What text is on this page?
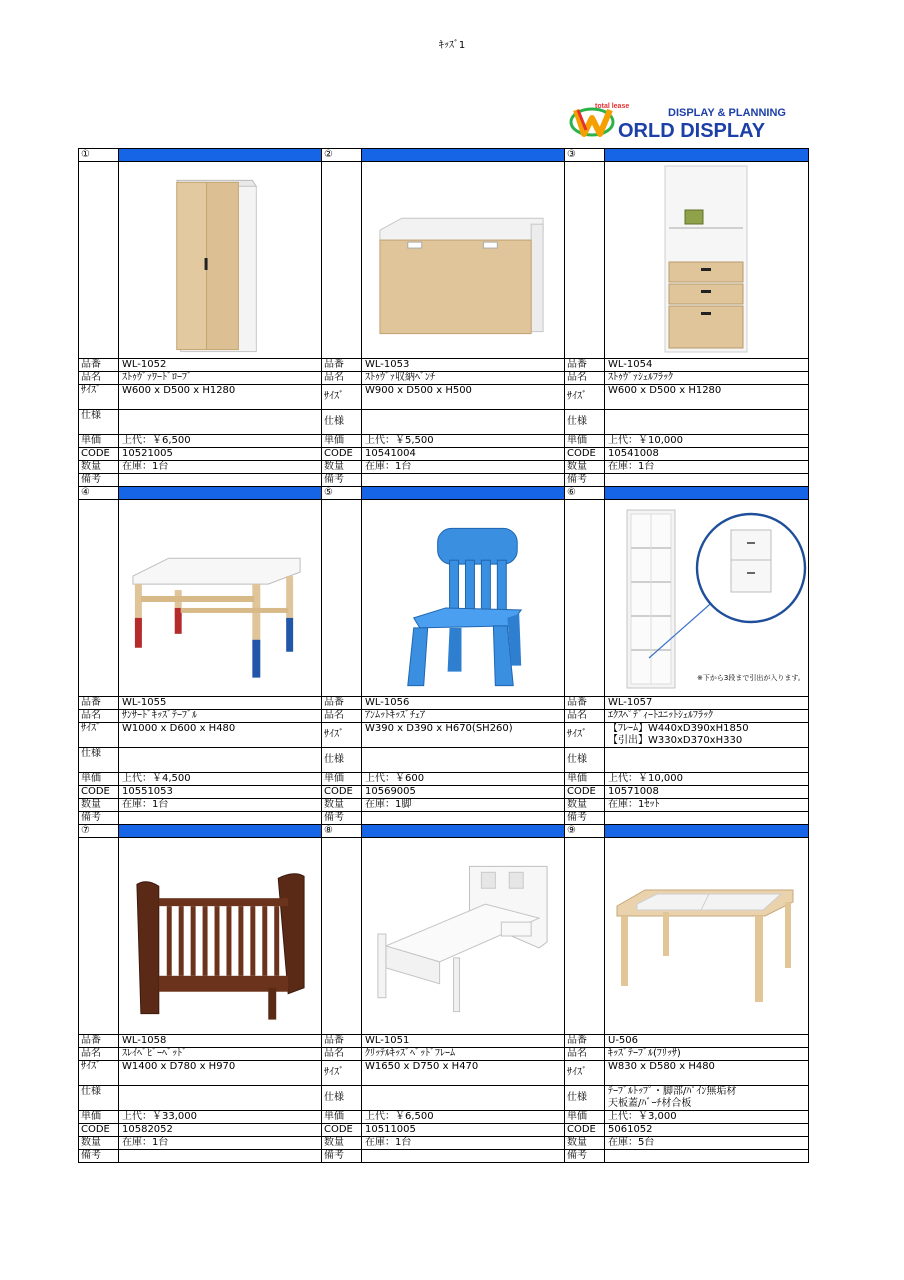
ｷｯｽﾞ1
total lease
DISPLAY & PLANNING
ORLD DISPLAY
①		②		③	

品番	WL-1052	品番	WL-1053	品番	WL-1054
品名	ｽﾄｩｳﾞｧﾜｰﾄﾞﾛｰﾌﾞ	品名	ｽﾄｩｳﾞｧ収納ﾍﾞﾝﾁ	品名	ｽﾄｩｳﾞｧｼｪﾙﾌﾗｯｸ
ｻｲｽﾞ	W600 x D500 x H1280	ｻｲｽﾞ	W900 x D500 x H500	ｻｲｽﾞ	W600 x D500 x H1280
仕様		仕様		仕様	
単価	上代：￥6,500	単価	上代：￥5,500	単価	上代：￥10,000
CODE	10521005	CODE	10541004	CODE	10541008
数量	在庫：1台	数量	在庫：1台	数量	在庫：1台
備考		備考		備考	
④		⑤		⑥	

※下から3段まで引出が入ります。

品番	WL-1055	品番	WL-1056	品番	WL-1057
品名	ｻﾝｻｰﾄﾞｷｯｽﾞﾃｰﾌﾞﾙ	品名	ｱﾝﾑｯﾄｷｯｽﾞﾁｪｱ	品名	ｴｸｽﾍﾟﾃﾞｨｰﾄﾕﾆｯﾄｼｪﾙﾌﾗｯｸ
ｻｲｽﾞ	W1000 x D600 x H480	ｻｲｽﾞ	W390 x D390 x H670(SH260)	ｻｲｽﾞ	【ﾌﾚｰﾑ】W440xD390xH1850
【引出】W330xD370xH330

仕様		仕様		仕様	
単価	上代：￥4,500	単価	上代：￥600	単価	上代：￥10,000
CODE	10551053	CODE	10569005	CODE	10571008
数量	在庫：1台	数量	在庫：1脚	数量	在庫：1ｾｯﾄ
備考		備考		備考	
⑦		⑧		⑨	

品番	WL-1058	品番	WL-1051	品番	U-506
品名	ｽﾚｲﾍﾞﾋﾞｰﾍﾞｯﾄﾞ	品名	ｸﾘｯﾃﾙｷｯｽﾞﾍﾞｯﾄﾞﾌﾚｰﾑ	品名	ｷｯｽﾞﾃｰﾌﾞﾙ(ﾌﾘｯｻ)
ｻｲｽﾞ	W1400 x D780 x H970	ｻｲｽﾞ	W1650 x D750 x H470	ｻｲｽﾞ	W830 x D580 x H480
仕様		仕様		仕様	ﾃｰﾌﾞﾙﾄｯﾌﾟ・脚部/ﾊﾟｲﾝ無垢材
天板蓋/ﾊﾞｰﾁ材合板

単価	上代：￥33,000	単価	上代：￥6,500	単価	上代：￥3,000
CODE	10582052	CODE	10511005	CODE	5061052
数量	在庫：1台	数量	在庫：1台	数量	在庫：5台
備考		備考		備考	
